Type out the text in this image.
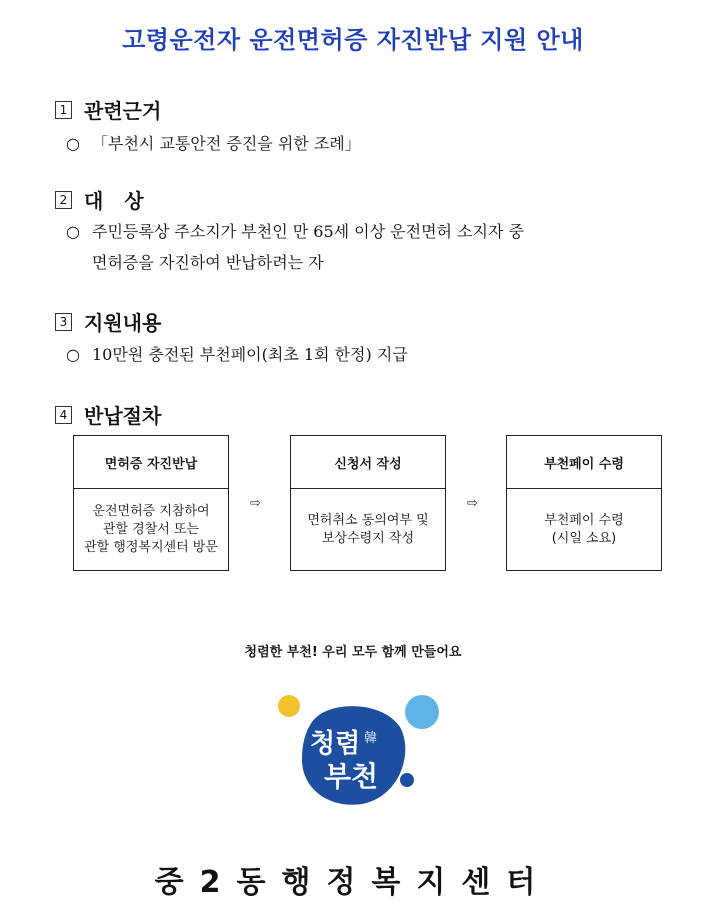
고령운전자 운전면허증 자진반납 지원 안내
1 관련근거
○ 「부천시 교통안전 증진을 위한 조례」
2 대   상
○ 주민등록상 주소지가 부천인 만 65세 이상 운전면허 소지자 중
면허증을 자진하여 반납하려는 자
3 지원내용
○ 10만원 충전된 부천페이(최초 1회 한정) 지급
4 반납절차
면허증 자진반납
운전면허증 지참하여
관할 경찰서 또는
관할 행정복지센터 방문
⇨
신청서 작성
면허취소 동의여부 및
보상수령지 작성
⇨
부천페이 수령
부천페이 수령
(시일 소요)
청렴한 부천! 우리 모두 함께 만들어요
청렴 韓
부천
중2동행정복지센터
